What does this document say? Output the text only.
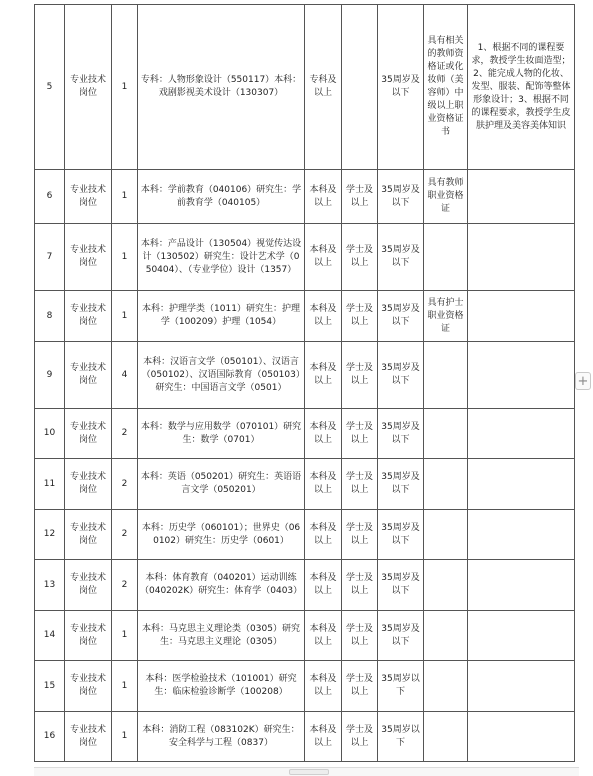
5	专业技术岗位	1	专科：人物形象设计（550117）本科：戏剧影视美术设计（130307）	专科及以上		35周岁及以下	具有相关的教师资格证或化妆师（美容师）中级以上职业资格证书	1、根据不同的课程要求，教授学生妆面造型；2、能完成人物的化妆、发型、服装、配饰等整体形象设计；3、根据不同的课程要求，教授学生皮肤护理及美容美体知识
6	专业技术岗位	1	本科：学前教育（040106）研究生：学前教育学（040105）	本科及以上	学士及以上	35周岁及以下	具有教师职业资格证	
7	专业技术岗位	1	本科：产品设计（130504）视觉传达设计（130502）研究生：设计艺术学（050404）、（专业学位）设计（1357）	本科及以上	学士及以上	35周岁及以下		
8	专业技术岗位	1	本科：护理学类（1011）研究生：护理学（100209）护理（1054）	本科及以上	学士及以上	35周岁及以下	具有护士职业资格证	
9	专业技术岗位	4	本科：汉语言文学（050101）、汉语言（050102）、汉语国际教育（050103）研究生：中国语言文学（0501）	本科及以上	学士及以上	35周岁及以下		
10	专业技术岗位	2	本科：数学与应用数学（070101）研究生：数学（0701）	本科及以上	学士及以上	35周岁及以下		
11	专业技术岗位	2	本科：英语（050201）研究生：英语语言文学（050201）	本科及以上	学士及以上	35周岁及以下		
12	专业技术岗位	2	本科：历史学（060101）；世界史（060102）研究生：历史学（0601）	本科及以上	学士及以上	35周岁及以下		
13	专业技术岗位	2	本科：体育教育（040201）运动训练（040202K）研究生：体育学（0403）	本科及以上	学士及以上	35周岁及以下		
14	专业技术岗位	1	本科：马克思主义理论类（0305）研究生：马克思主义理论（0305）	本科及以上	学士及以上	35周岁及以下		
15	专业技术岗位	1	本科：医学检验技术（101001）研究生：临床检验诊断学（100208）	本科及以上	学士及以上	35周岁以下		
16	专业技术岗位	1	本科：消防工程（083102K）研究生：安全科学与工程（0837）	本科及以上	学士及以上	35周岁以下		
+
